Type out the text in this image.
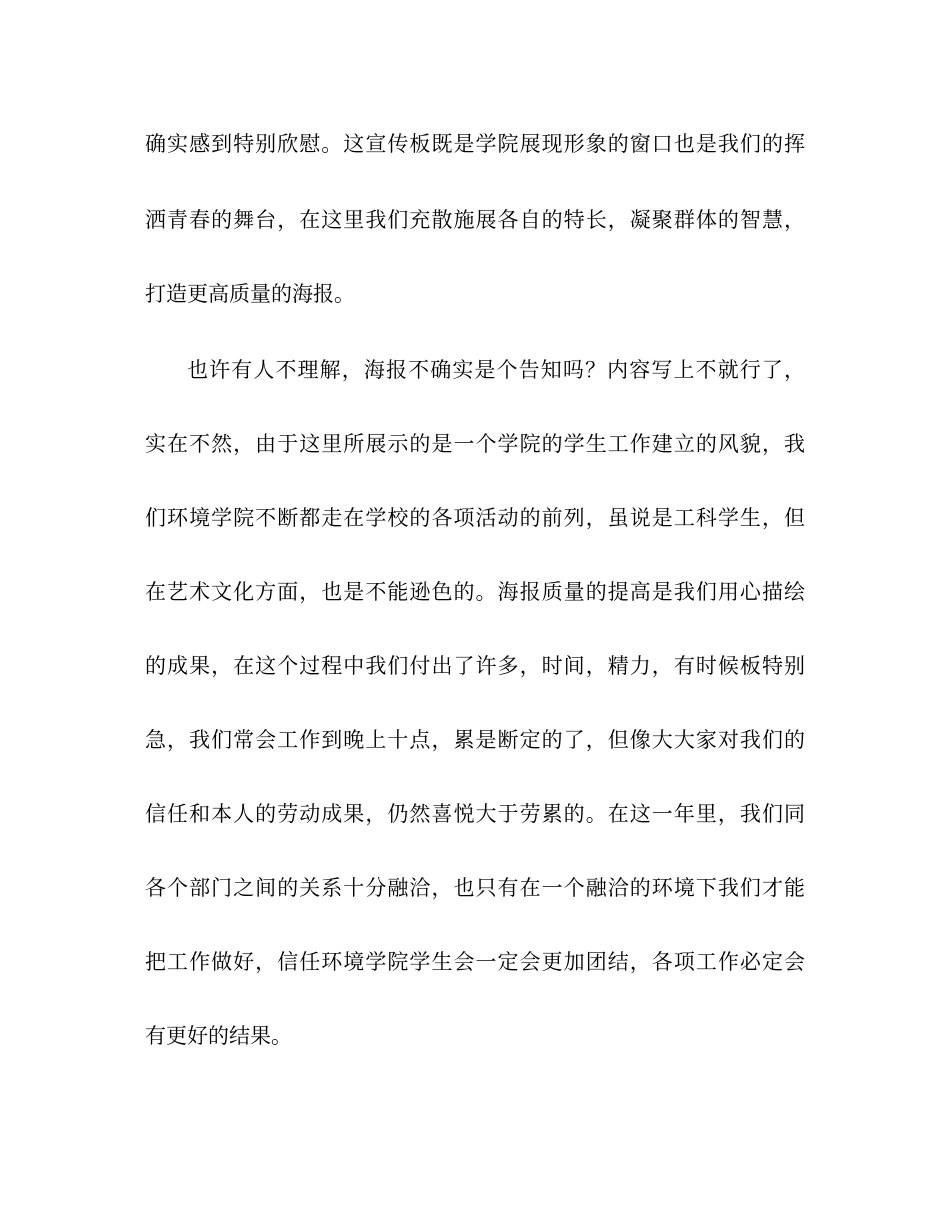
确实感到特别欣慰。这宣传板既是学院展现形象的窗口也是我们的挥
洒青春的舞台，在这里我们充散施展各自的特长，凝聚群体的智慧，
打造更高质量的海报。
也许有人不理解，海报不确实是个告知吗？内容写上不就行了，
实在不然，由于这里所展示的是一个学院的学生工作建立的风貌，我
们环境学院不断都走在学校的各项活动的前列，虽说是工科学生，但
在艺术文化方面，也是不能逊色的。海报质量的提高是我们用心描绘
的成果，在这个过程中我们付出了许多，时间，精力，有时候板特别
急，我们常会工作到晚上十点，累是断定的了，但像大大家对我们的
信任和本人的劳动成果，仍然喜悦大于劳累的。在这一年里，我们同
各个部门之间的关系十分融洽，也只有在一个融洽的环境下我们才能
把工作做好，信任环境学院学生会一定会更加团结，各项工作必定会
有更好的结果。
